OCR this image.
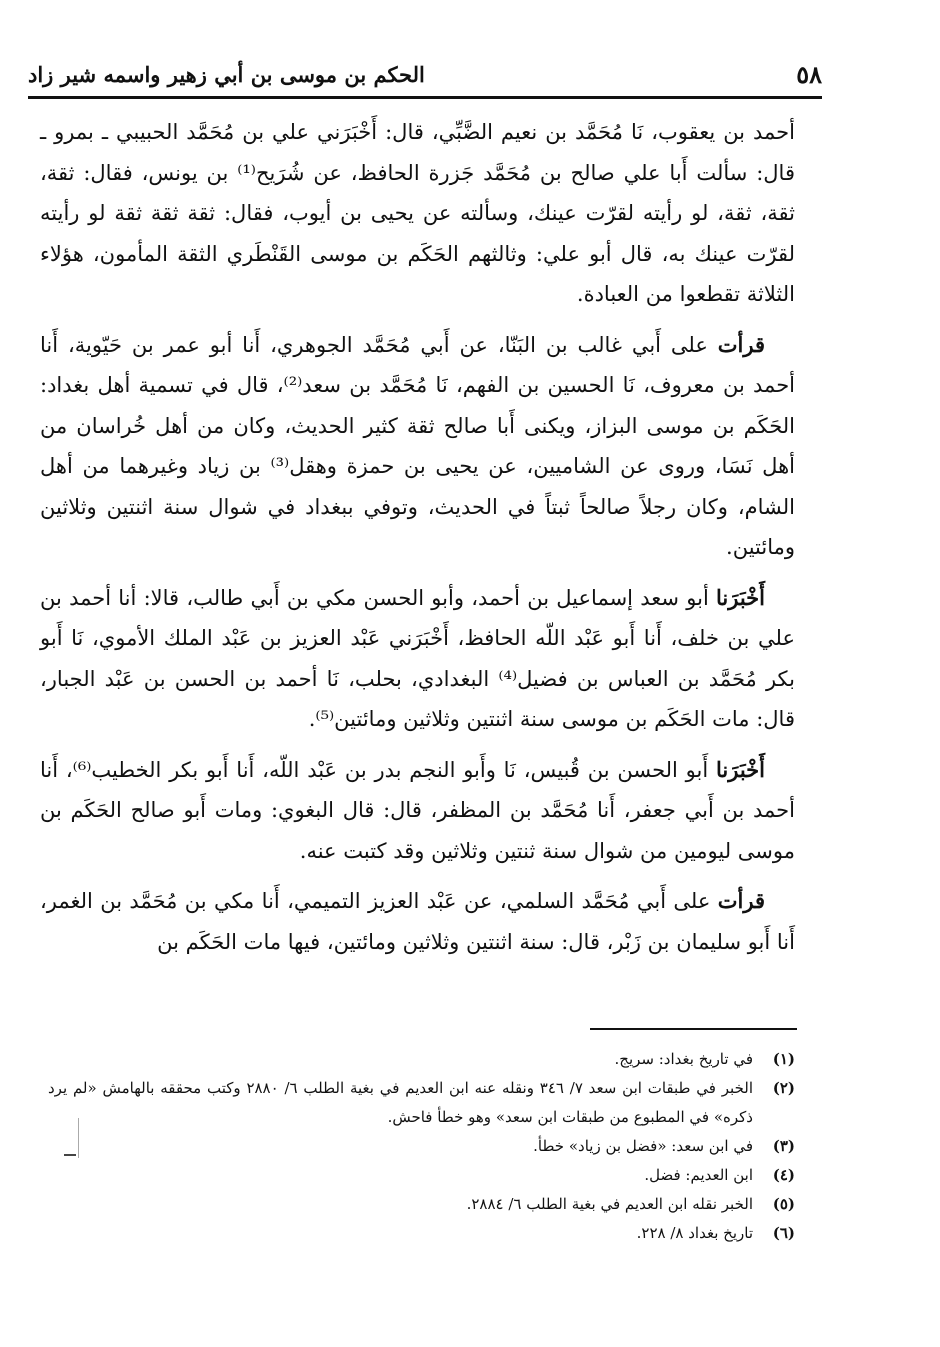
٥٨
الحكم بن موسى بن أبي زهير واسمه شير زاد

أحمد بن يعقوب، نَا مُحَمَّد بن نعيم الضَّبِّي، قال: أَخْبَرَني علي بن مُحَمَّد الحبيبي ـ بمرو ـ قال: سألت أَبا علي صالح بن مُحَمَّد جَزرة الحافظ، عن شُرَيح⁽¹⁾ بن يونس، فقال: ثقة، ثقة، ثقة، لو رأيته لقرّت عينك، وسألته عن يحيى بن أيوب، فقال: ثقة ثقة ثقة لو رأيته لقرّت عينك به، قال أبو علي: وثالثهم الحَكَم بن موسى القَنْطَري الثقة المأمون، هؤلاء الثلاثة تقطعوا من العبادة.

قرأت على أَبي غالب بن البَنّا، عن أَبي مُحَمَّد الجوهري، أَنا أبو عمر بن حَيّوية، أَنا أحمد بن معروف، نَا الحسين بن الفهم، نَا مُحَمَّد بن سعد⁽²⁾، قال في تسمية أهل بغداد: الحَكَم بن موسى البزاز، ويكنى أَبا صالح ثقة كثير الحديث، وكان من أهل خُراسان من أهل نَسَا، وروى عن الشاميين، عن يحيى بن حمزة وهقل⁽³⁾ بن زياد وغيرهما من أهل الشام، وكان رجلاً صالحاً ثبتاً في الحديث، وتوفي ببغداد في شوال سنة اثنتين وثلاثين ومائتين.

أَخْبَرَنا أبو سعد إسماعيل بن أحمد، وأبو الحسن مكي بن أَبي طالب، قالا: أنا أحمد بن علي بن خلف، أَنا أَبو عَبْد اللّه الحافظ، أَخْبَرَني عَبْد العزيز بن عَبْد الملك الأموي، نَا أَبو بكر مُحَمَّد بن العباس بن فضيل⁽⁴⁾ البغدادي، بحلب، نَا أحمد بن الحسن بن عَبْد الجبار، قال: مات الحَكَم بن موسى سنة اثنتين وثلاثين ومائتين⁽⁵⁾.

أَخْبَرَنا أَبو الحسن بن قُبيس، نَا وأَبو النجم بدر بن عَبْد اللّه، أَنا أَبو بكر الخطيب⁽⁶⁾، أَنا أحمد بن أَبي جعفر، أَنا مُحَمَّد بن المظفر، قال: قال البغوي: ومات أَبو صالح الحَكَم بن موسى ليومين من شوال سنة ثنتين وثلاثين وقد كتبت عنه.

قرأت على أَبي مُحَمَّد السلمي، عن عَبْد العزيز التميمي، أَنا مكي بن مُحَمَّد بن الغمر، أَنا أَبو سليمان بن زَبْر، قال: سنة اثنتين وثلاثين ومائتين، فيها مات الحَكَم بن

(١)
في تاريخ بغداد: سريج.
(٢)
الخبر في طبقات ابن سعد ٧/ ٣٤٦ ونقله عنه ابن العديم في بغية الطلب ٦/ ٢٨٨٠ وكتب محققه بالهامش «لم يرد ذكره» في المطبوع من طبقات ابن سعد» وهو خطأ فاحش.
(٣)
في ابن سعد: «فضل بن زياد» خطأ.
(٤)
ابن العديم: فضل.
(٥)
الخبر نقله ابن العديم في بغية الطلب ٦/ ٢٨٨٤.
(٦)
تاريخ بغداد ٨/ ٢٢٨.
